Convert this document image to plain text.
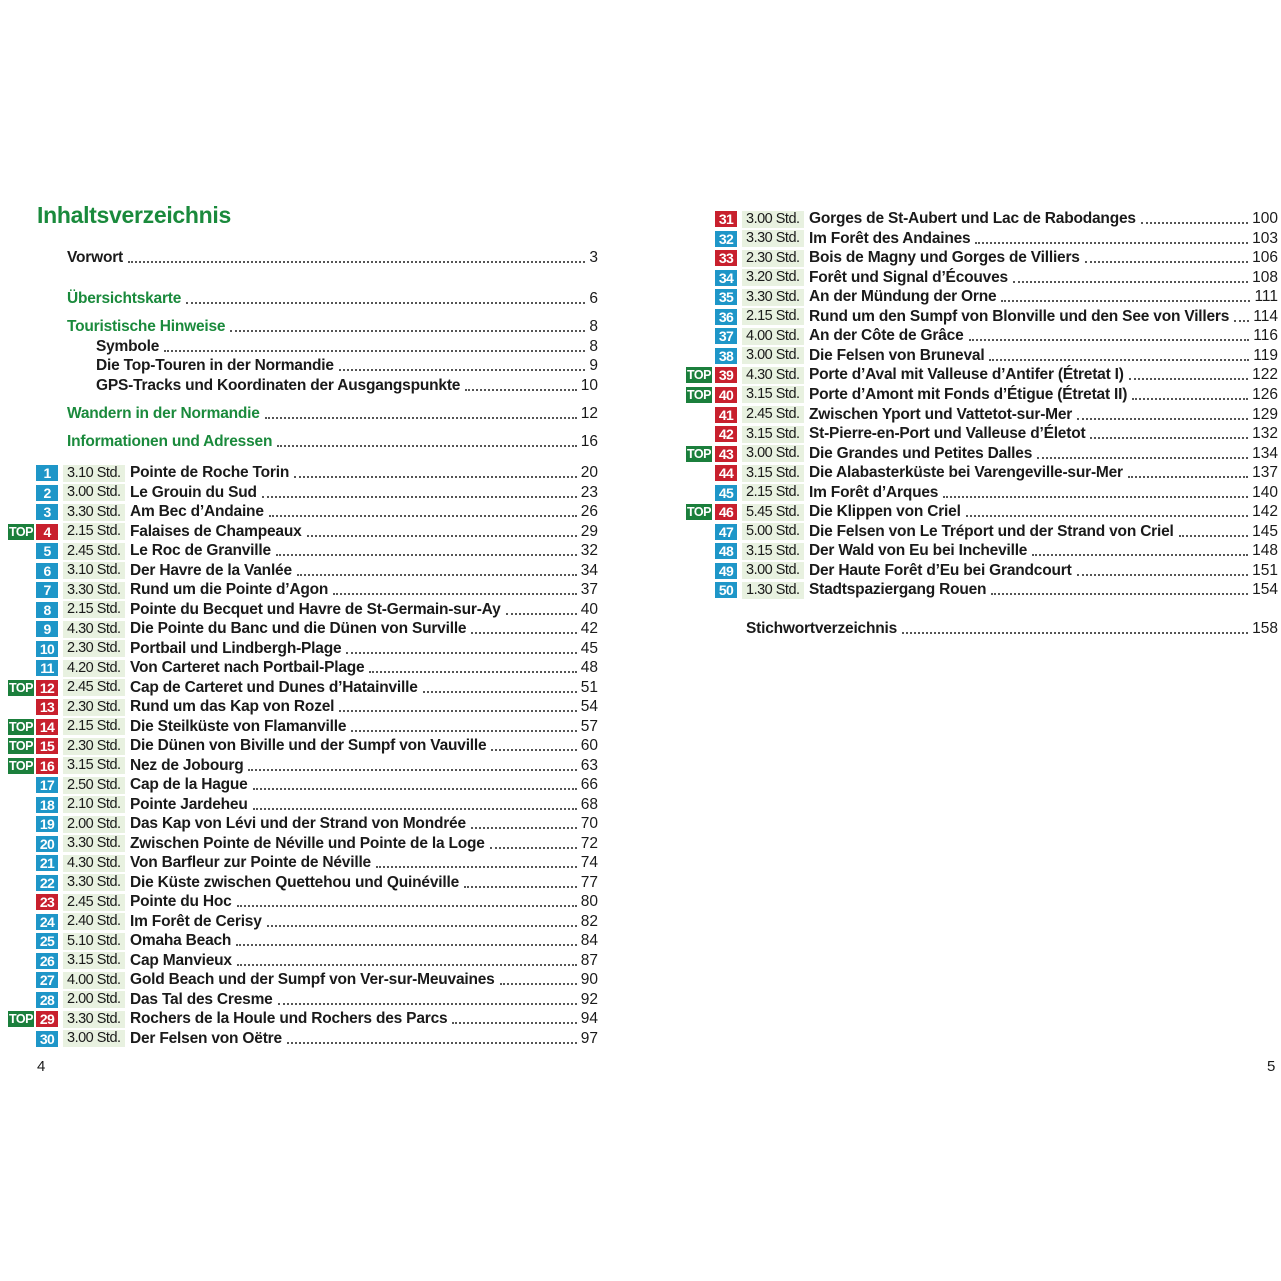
Inhaltsverzeichnis
Vorwort	3
Übersichtskarte	6
Touristische Hinweise	8
Symbole	8
Die Top-Touren in der Normandie	9
GPS-Tracks und Koordinaten der Ausgangspunkte	10
Wandern in der Normandie	12
Informationen und Adressen	16
1	3.10 Std. Pointe de Roche Torin	20
2	3.00 Std. Le Grouin du Sud	23
3	3.30 Std. Am Bec d’Andaine	26
TOP 4	2.15 Std. Falaises de Champeaux	29
5	2.45 Std. Le Roc de Granville	32
6	3.10 Std. Der Havre de la Vanlée	34
7	3.30 Std. Rund um die Pointe d’Agon	37
8	2.15 Std. Pointe du Becquet und Havre de St-Germain-sur-Ay	40
9	4.30 Std. Die Pointe du Banc und die Dünen von Surville	42
10 2.30 Std. Portbail und Lindbergh-Plage	45
11 4.20 Std. Von Carteret nach Portbail-Plage	48
TOP 12 2.45 Std. Cap de Carteret und Dunes d’Hatainville	51
13 2.30 Std. Rund um das Kap von Rozel	54
TOP 14 2.15 Std. Die Steilküste von Flamanville	57
TOP 15 2.30 Std. Die Dünen von Biville und der Sumpf von Vauville	60
TOP 16 3.15 Std. Nez de Jobourg	63
17 2.50 Std. Cap de la Hague	66
18 2.10 Std. Pointe Jardeheu	68
19 2.00 Std. Das Kap von Lévi und der Strand von Mondrée	70
20 3.30 Std. Zwischen Pointe de Néville und Pointe de la Loge	72
21 4.30 Std. Von Barfleur zur Pointe de Néville	74
22 3.30 Std. Die Küste zwischen Quettehou und Quinéville	77
23 2.45 Std. Pointe du Hoc	80
24 2.40 Std. Im Forêt de Cerisy	82
25 5.10 Std. Omaha Beach	84
26 3.15 Std. Cap Manvieux	87
27 4.00 Std. Gold Beach und der Sumpf von Ver-sur-Meuvaines	90
28 2.00 Std. Das Tal des Cresme	92
TOP 29 3.30 Std. Rochers de la Houle und Rochers des Parcs	94
30 3.00 Std. Der Felsen von Oëtre	97
4
31 3.00 Std. Gorges de St-Aubert und Lac de Rabodanges	100
32 3.30 Std. Im Forêt des Andaines	103
33 2.30 Std. Bois de Magny und Gorges de Villiers	106
34 3.20 Std. Forêt und Signal d’Écouves	108
35 3.30 Std. An der Mündung der Orne	111
36 2.15 Std. Rund um den Sumpf von Blonville und den See von Villers 114
37 4.00 Std. An der Côte de Grâce	116
38 3.00 Std. Die Felsen von Bruneval	119
TOP 39 4.30 Std. Porte d’Aval mit Valleuse d’Antifer (Étretat I)	122
TOP 40 3.15 Std. Porte d’Amont mit Fonds d’Étigue (Étretat II)	126
41 2.45 Std. Zwischen Yport und Vattetot-sur-Mer	129
42 3.15 Std. St-Pierre-en-Port und Valleuse d’Életot	132
TOP 43 3.00 Std. Die Grandes und Petites Dalles	134
44 3.15 Std. Die Alabasterküste bei Varengeville-sur-Mer	137
45 2.15 Std. Im Forêt d’Arques	140
TOP 46 5.45 Std. Die Klippen von Criel	142
47 5.00 Std. Die Felsen von Le Tréport und der Strand von Criel	145
48 3.15 Std. Der Wald von Eu bei Incheville	148
49 3.00 Std. Der Haute Forêt d’Eu bei Grandcourt	151
50 1.30 Std. Stadtspaziergang Rouen	154
Stichwortverzeichnis	158
5
